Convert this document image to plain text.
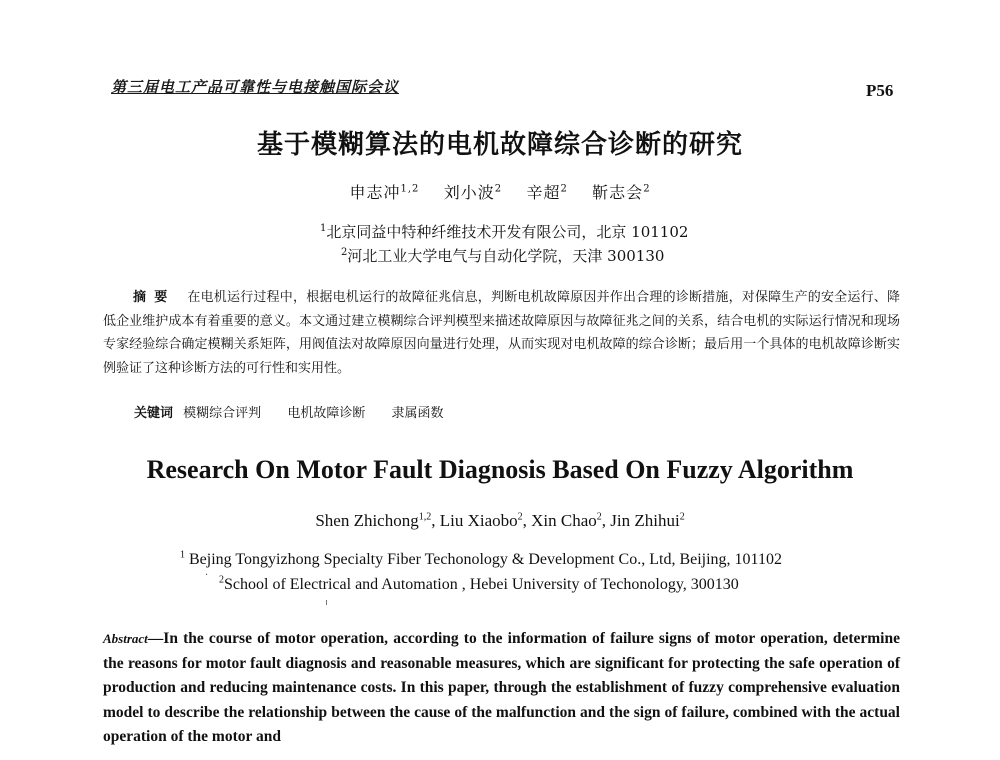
第三届电工产品可靠性与电接触国际会议	P56
基于模糊算法的电机故障综合诊断的研究
申志冲$^{1,2}$ 刘小波$^2$ 辛超$^2$ 靳志会$^2$
$^1$北京同益中特种纤维技术开发有限公司，北京 101102
$^2$河北工业大学电气与自动化学院，天津 300130
摘要 在电机运行过程中，根据电机运行的故障征兆信息，判断电机故障原因并作出合理的诊断措施，对保障生产的安全运行、降低企业维护成本有着重要的意义。本文通过建立模糊综合评判模型来描述故障原因与故障征兆之间的关系，结合电机的实际运行情况和现场专家经验综合确定模糊关系矩阵，用阀值法对故障原因向量进行处理，从而实现对电机故障的综合诊断；最后用一个具体的电机故障诊断实例验证了这种诊断方法的可行性和实用性。
关键词 模糊综合评判 电机故障诊断 隶属函数
Research On Motor Fault Diagnosis Based On Fuzzy Algorithm
Shen Zhichong$^{1,2}$, Liu Xiaobo$^2$, Xin Chao$^2$, Jin Zhihui$^2$
$^1$ Bejing Tongyizhong Specialty Fiber Techonology & Development Co., Ltd, Beijing, 101102
· $^2$School of Electrical and Automation , Hebei University of Techonology, 300130
Abstract—In the course of motor operation, according to the information of failure signs of motor operation, determine the reasons for motor fault diagnosis and reasonable measures, which are significant for protecting the safe operation of production and reducing maintenance costs. In this paper, through the establishment of fuzzy comprehensive evaluation model to describe the relationship between the cause of the malfunction and the sign of failure, combined with the actual operation of the motor and
